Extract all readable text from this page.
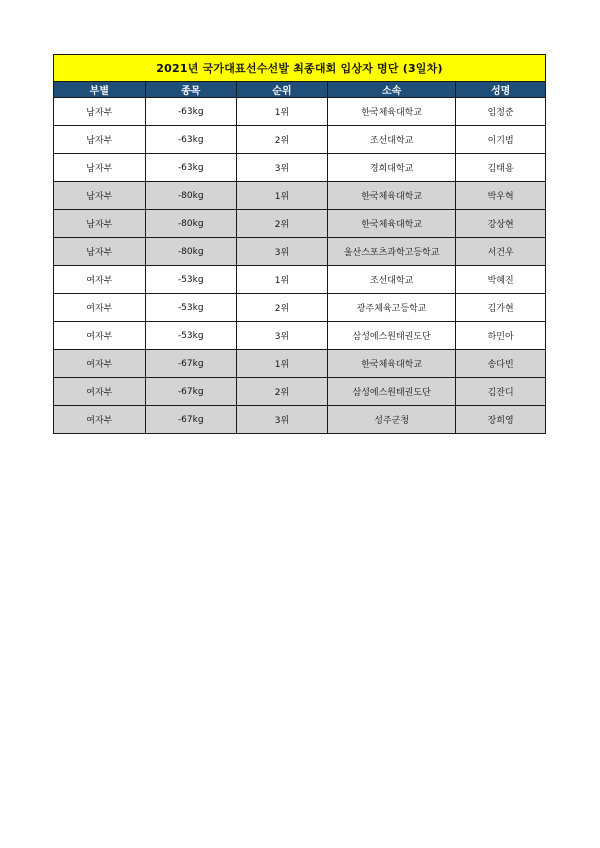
2021년 국가대표선수선발 최종대회 입상자 명단 (3일차)
부별	종목	순위	소속	성명
남자부	-63kg	1위	한국체육대학교	임정준
남자부	-63kg	2위	조선대학교	이기범
남자부	-63kg	3위	경희대학교	김태용
남자부	-80kg	1위	한국체육대학교	박우혁
남자부	-80kg	2위	한국체육대학교	강상현
남자부	-80kg	3위	울산스포츠과학고등학교	서건우
여자부	-53kg	1위	조선대학교	박혜진
여자부	-53kg	2위	광주체육고등학교	김가현
여자부	-53kg	3위	삼성에스원태권도단	하민아
여자부	-67kg	1위	한국체육대학교	송다빈
여자부	-67kg	2위	삼성에스원태권도단	김잔디
여자부	-67kg	3위	성주군청	장희영
